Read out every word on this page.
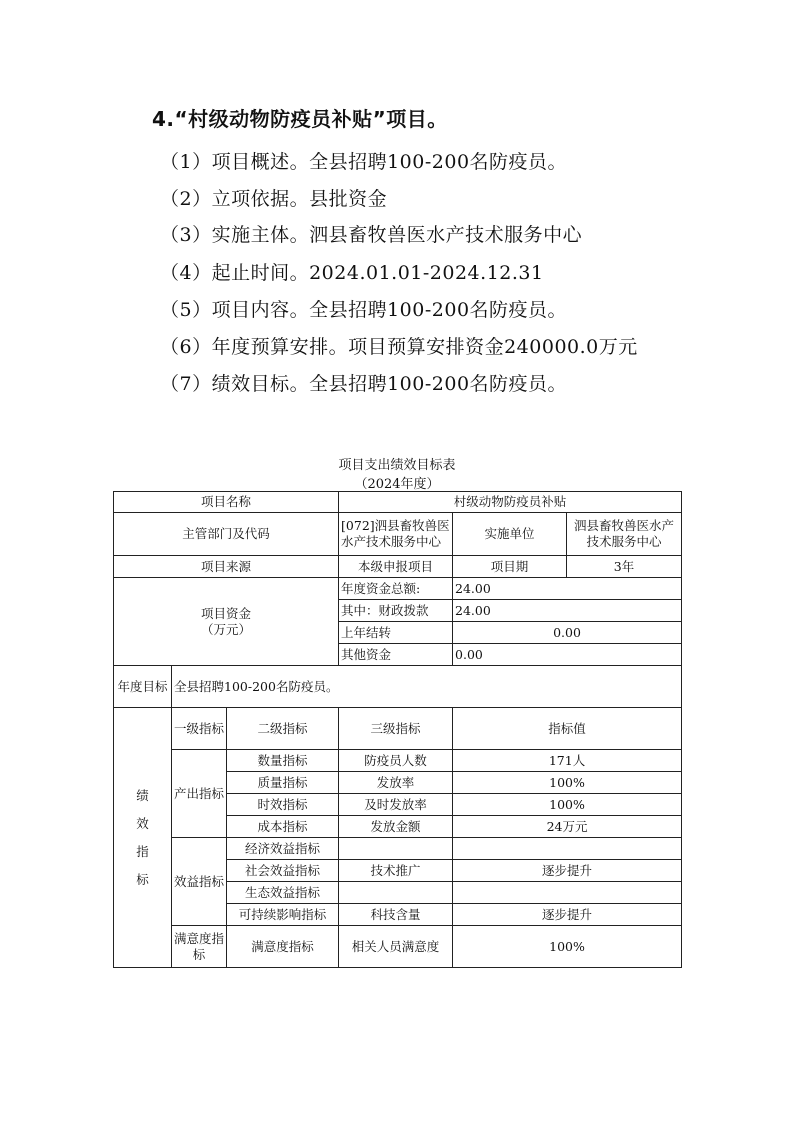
4.“村级动物防疫员补贴”项目。
（1）项目概述。全县招聘100-200名防疫员。
（2）立项依据。县批资金
（3）实施主体。泗县畜牧兽医水产技术服务中心
（4）起止时间。2024.01.01-2024.12.31
（5）项目内容。全县招聘100-200名防疫员。
（6）年度预算安排。项目预算安排资金240000.0万元
（7）绩效目标。全县招聘100-200名防疫员。
项目支出绩效目标表
（2024年度）
项目名称			村级动物防疫员补贴		
主管部门及代码			[072]泗县畜牧兽医水产技术服务中心	实施单位	泗县畜牧兽医水产技术服务中心
项目来源			本级申报项目	项目期	3年

项目资金
（万元）			年度资金总额:	24.00	
			其中：财政拨款	24.00	
			上年结转	0.00	
			其他资金	0.00	
年度目标	全县招聘100-200名防疫员。				

绩效指标	一级指标	二级指标	三级指标	指标值	
	产出指标	数量指标	防疫员人数	171人	
		质量指标	发放率	100%	
		时效指标	及时发放率	100%	
		成本指标	发放金额	24万元	
	效益指标	经济效益指标			
		社会效益指标	技术推广	逐步提升	
		生态效益指标			
		可持续影响指标	科技含量	逐步提升	
	满意度指标	满意度指标	相关人员满意度	100%	
